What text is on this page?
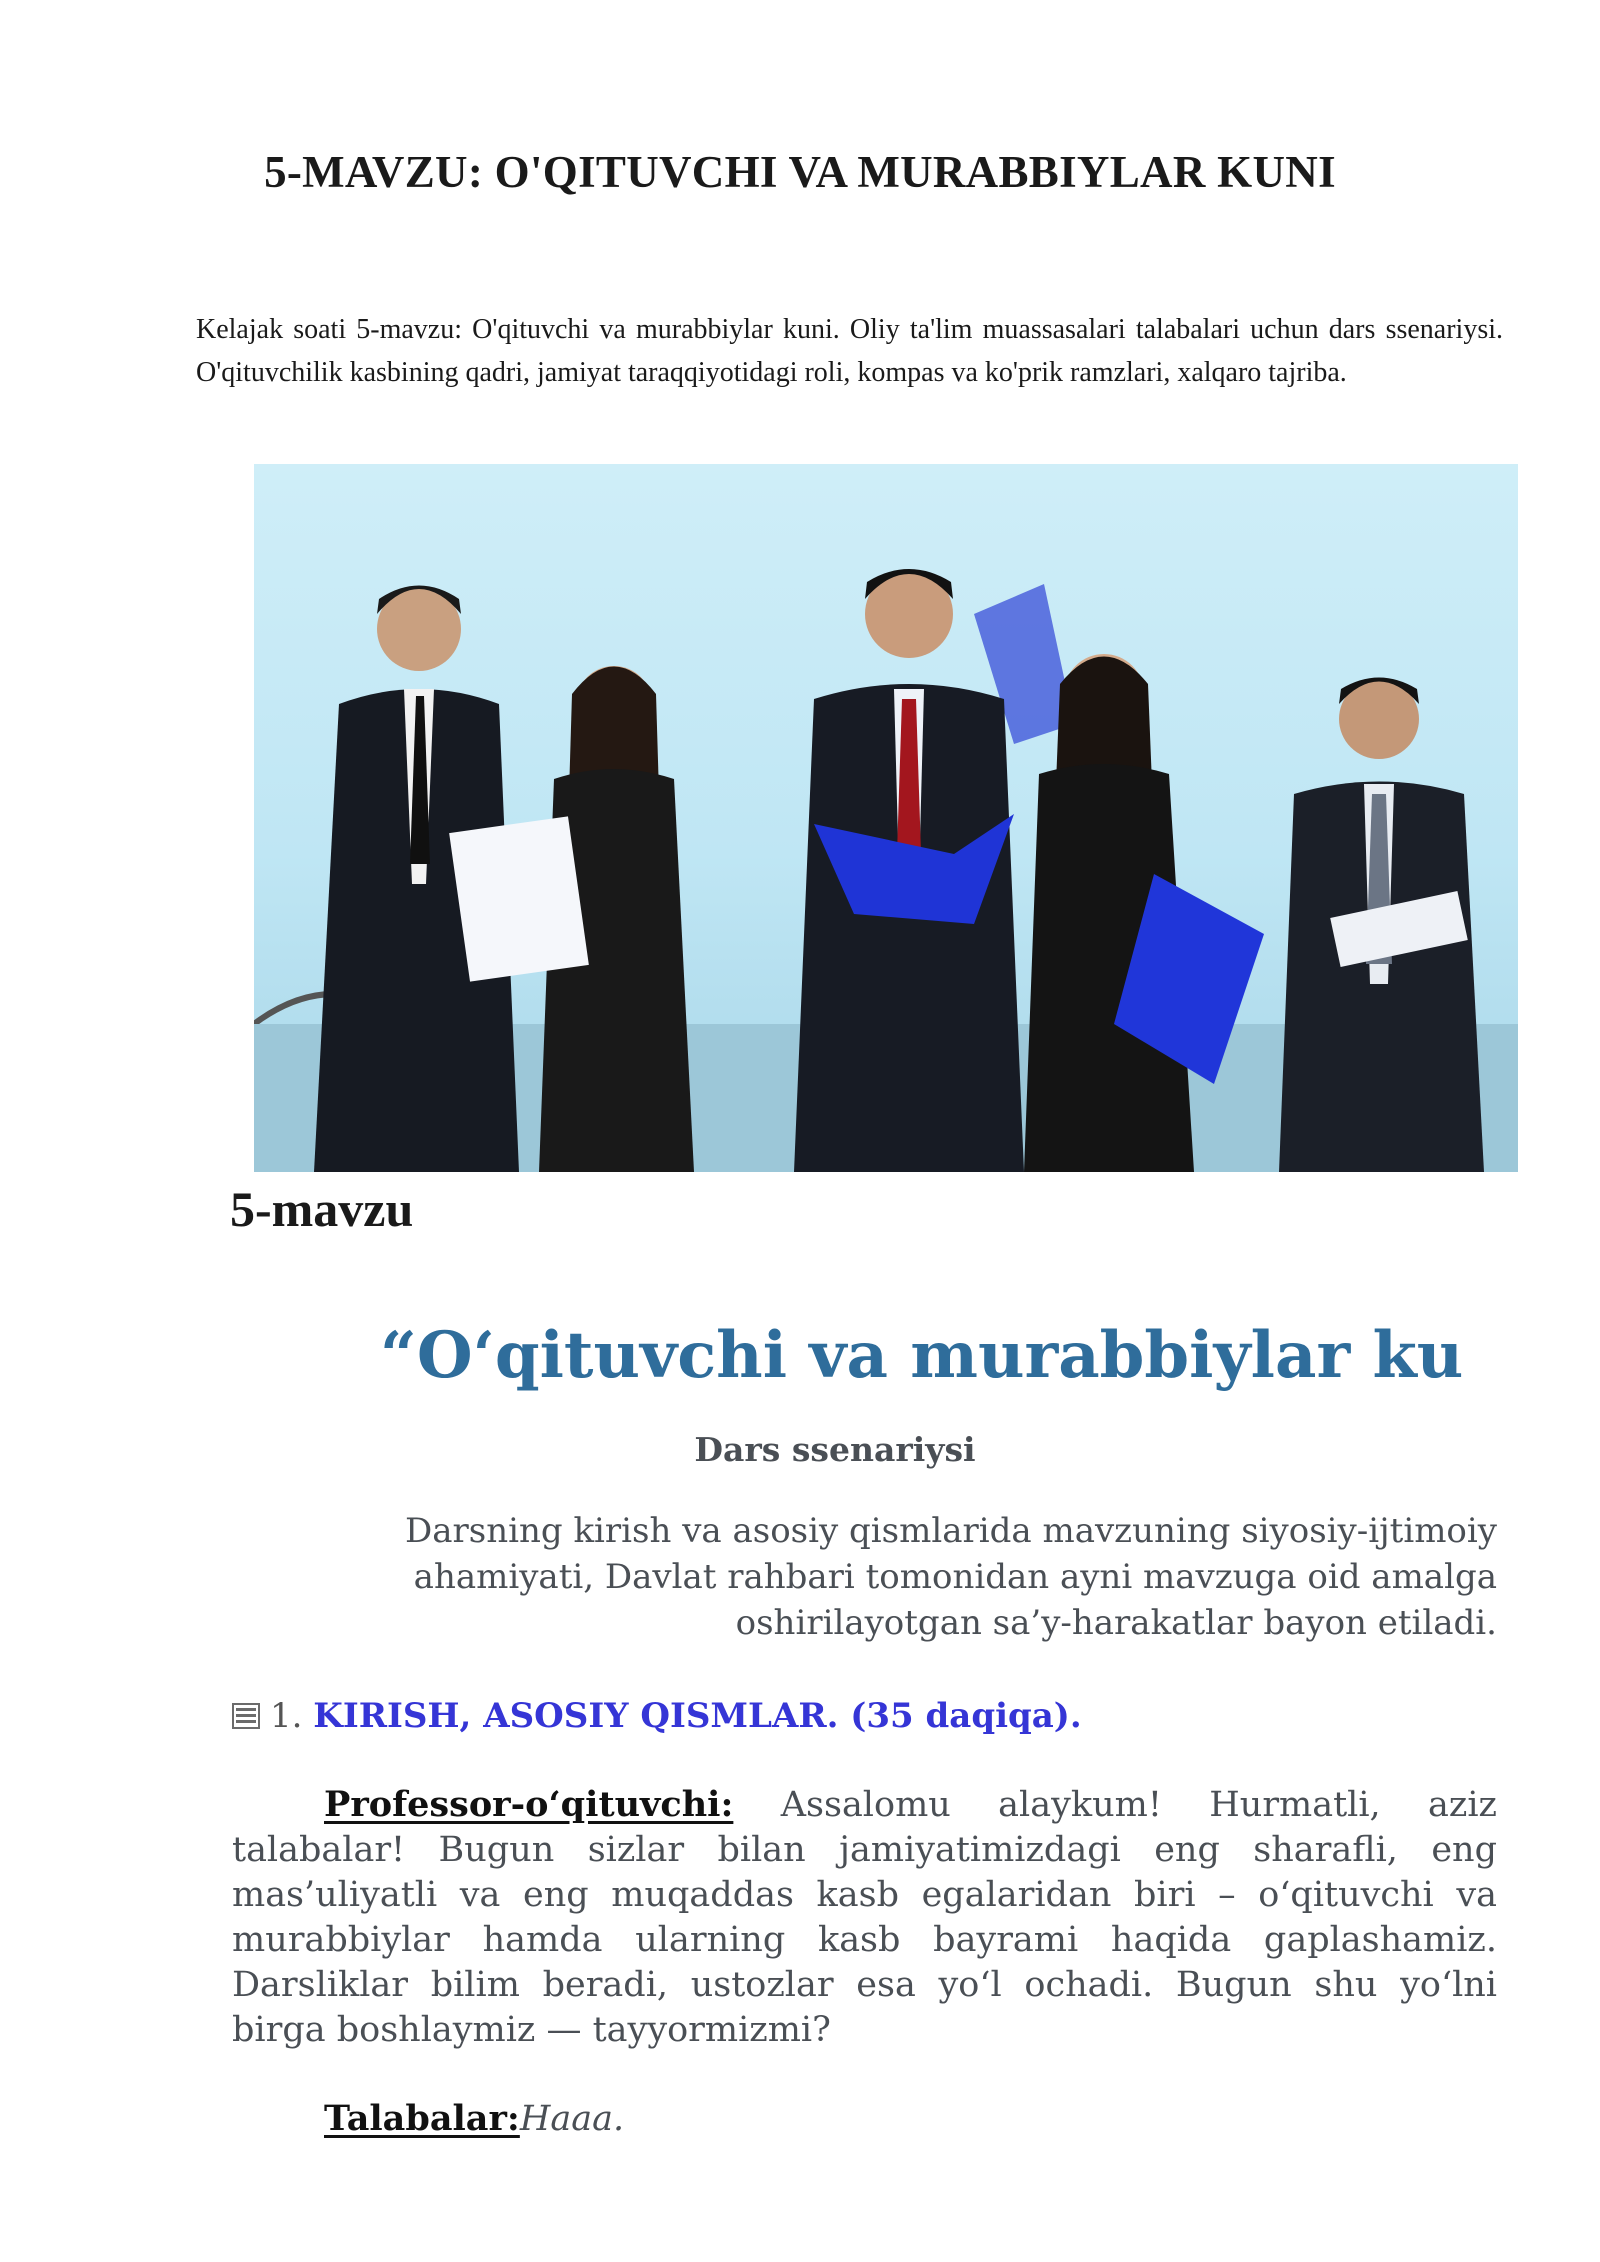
5-MAVZU: O'QITUVCHI VA MURABBIYLAR KUNI

Kelajak soati 5-mavzu: O'qituvchi va murabbiylar kuni. Oliy ta'lim muassasalari talabalari uchun dars ssenariysi. O'qituvchilik kasbining qadri, jamiyat taraqqiyotidagi roli, kompas va ko'prik ramzlari, xalqaro tajriba.

5-mavzu
“O‘qituvchi va murabbiylar ku
Dars ssenariysi

Darsning kirish va asosiy qismlarida mavzuning siyosiy-ijtimoiy ahamiyati, Davlat rahbari tomonidan ayni mavzuga oid amalga oshirilayotgan sa’y-harakatlar bayon etiladi.

1. KIRISH, ASOSIY QISMLAR. (35 daqiqa).

Professor-o‘qituvchi: Assalomu alaykum! Hurmatli, aziz talabalar! Bugun sizlar bilan jamiyatimizdagi eng sharafli, eng mas’uliyatli va eng muqaddas kasb egalaridan biri – o‘qituvchi va murabbiylar hamda ularning kasb bayrami haqida gaplashamiz. Darsliklar bilim beradi, ustozlar esa yo‘l ochadi. Bugun shu yo‘lni birga boshlaymiz — tayyormizmi?

Talabalar:Haaa.
